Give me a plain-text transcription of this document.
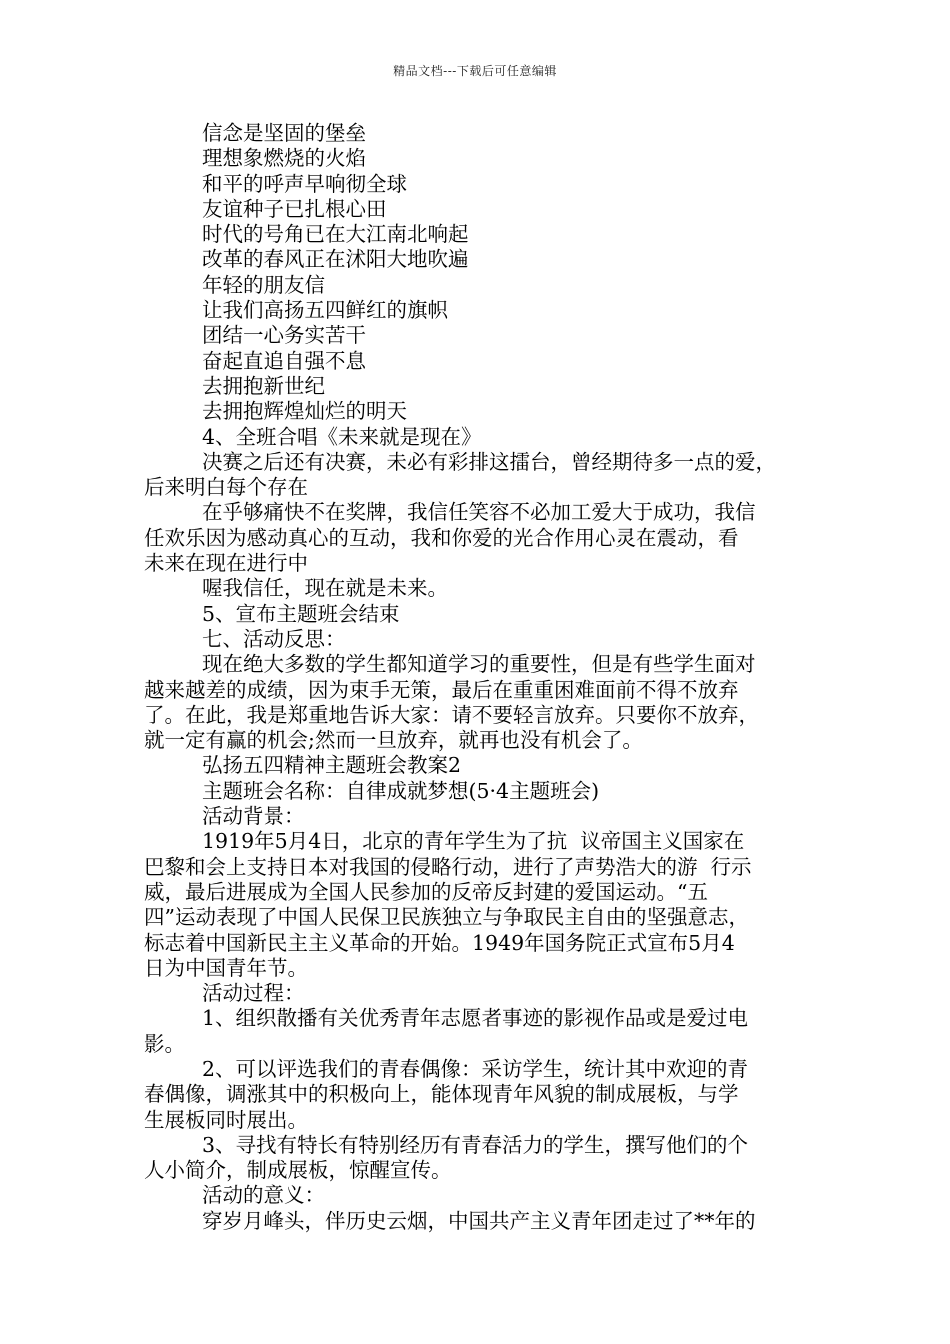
精品文档---下载后可任意编辑

信念是坚固的堡垒

理想象燃烧的火焰

和平的呼声早响彻全球

友谊种子已扎根心田

时代的号角已在大江南北响起

改革的春风正在沭阳大地吹遍

年轻的朋友信

让我们高扬五四鲜红的旗帜

团结一心务实苦干

奋起直追自强不息

去拥抱新世纪

去拥抱辉煌灿烂的明天

4、全班合唱《未来就是现在》

决赛之后还有决赛，未必有彩排这擂台，曾经期待多一点的爱，

后来明白每个存在

在乎够痛快不在奖牌，我信任笑容不必加工爱大于成功，我信

任欢乐因为感动真心的互动，我和你爱的光合作用心灵在震动，看

未来在现在进行中

喔我信任，现在就是未来。

5、宣布主题班会结束

七、活动反思：

现在绝大多数的学生都知道学习的重要性，但是有些学生面对

越来越差的成绩，因为束手无策，最后在重重困难面前不得不放弃

了。在此，我是郑重地告诉大家：请不要轻言放弃。只要你不放弃，

就一定有赢的机会;然而一旦放弃，就再也没有机会了。

弘扬五四精神主题班会教案2

主题班会名称：自律成就梦想(5·4主题班会)

活动背景：

1919年5月4日，北京的青年学生为了抗  议帝国主义国家在

巴黎和会上支持日本对我国的侵略行动，进行了声势浩大的游  行示

威，最后进展成为全国人民参加的反帝反封建的爱国运动。“五

四”运动表现了中国人民保卫民族独立与争取民主自由的坚强意志，

标志着中国新民主主义革命的开始。1949年国务院正式宣布5月4

日为中国青年节。

活动过程：

1、组织散播有关优秀青年志愿者事迹的影视作品或是爱过电

影。

2、可以评选我们的青春偶像：采访学生，统计其中欢迎的青

春偶像，调涨其中的积极向上，能体现青年风貌的制成展板，与学

生展板同时展出。

3、寻找有特长有特别经历有青春活力的学生，撰写他们的个

人小简介，制成展板，惊醒宣传。

活动的意义：

穿岁月峰头，伴历史云烟，中国共产主义青年团走过了**年的
